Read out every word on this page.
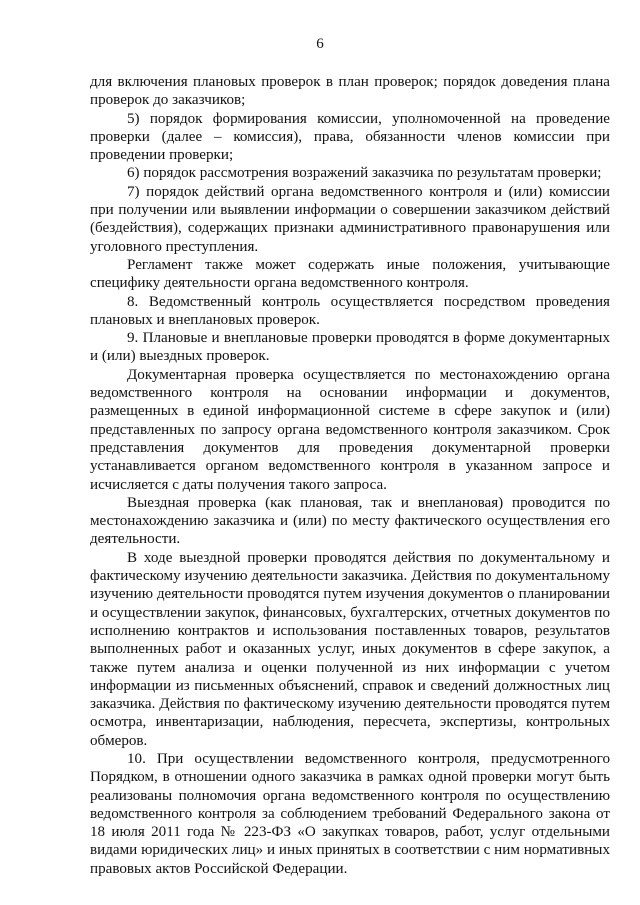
6

для включения плановых проверок в план проверок; порядок доведения плана проверок до заказчиков;

5) порядок формирования комиссии, уполномоченной на проведение проверки (далее – комиссия), права, обязанности членов комиссии при проведении проверки;

6) порядок рассмотрения возражений заказчика по результатам проверки;

7) порядок действий органа ведомственного контроля и (или) комиссии при получении или выявлении информации о совершении заказчиком действий (бездействия), содержащих признаки административного правонарушения или уголовного преступления.

Регламент также может содержать иные положения, учитывающие специфику деятельности органа ведомственного контроля.

8. Ведомственный контроль осуществляется посредством проведения плановых и внеплановых проверок.

9. Плановые и внеплановые проверки проводятся в форме документарных и (или) выездных проверок.

Документарная проверка осуществляется по местонахождению органа ведомственного контроля на основании информации и документов, размещенных в единой информационной системе в сфере закупок и (или) представленных по запросу органа ведомственного контроля заказчиком. Срок представления документов для проведения документарной проверки устанавливается органом ведомственного контроля в указанном запросе и исчисляется с даты получения такого запроса.

Выездная проверка (как плановая, так и внеплановая) проводится по местонахождению заказчика и (или) по месту фактического осуществления его деятельности.

В ходе выездной проверки проводятся действия по документальному и фактическому изучению деятельности заказчика. Действия по документальному изучению деятельности проводятся путем изучения документов о планировании и осуществлении закупок, финансовых, бухгалтерских, отчетных документов по исполнению контрактов и использования поставленных товаров, результатов выполненных работ и оказанных услуг, иных документов в сфере закупок, а также путем анализа и оценки полученной из них информации с учетом информации из письменных объяснений, справок и сведений должностных лиц заказчика. Действия по фактическому изучению деятельности проводятся путем осмотра, инвентаризации, наблюдения, пересчета, экспертизы, контрольных обмеров.

10. При осуществлении ведомственного контроля, предусмотренного Порядком, в отношении одного заказчика в рамках одной проверки могут быть реализованы полномочия органа ведомственного контроля по осуществлению ведомственного контроля за соблюдением требований Федерального закона от 18 июля 2011 года № 223-ФЗ «О закупках товаров, работ, услуг отдельными видами юридических лиц» и иных принятых в соответствии с ним нормативных правовых актов Российской Федерации.
